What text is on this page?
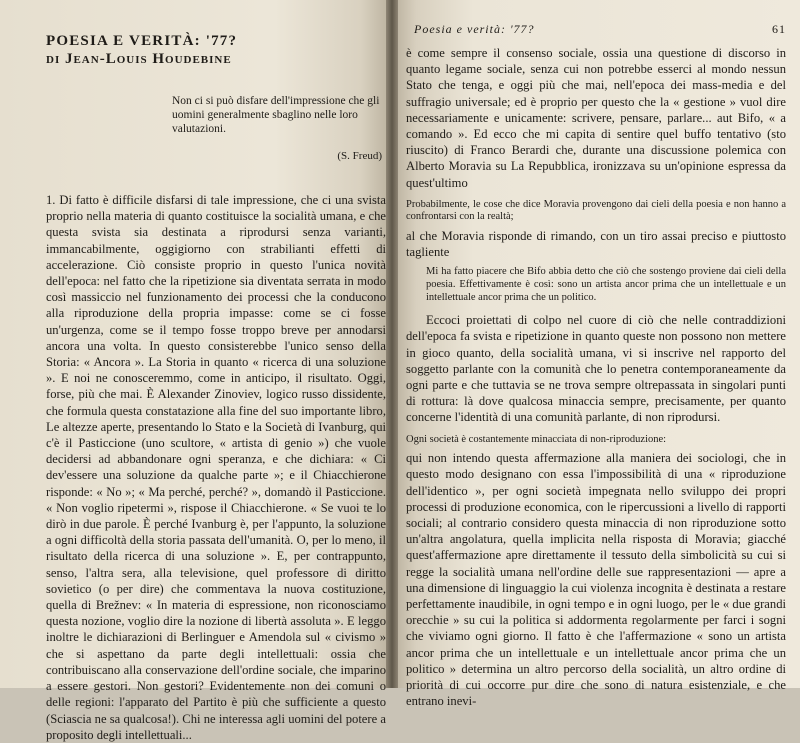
POESIA E VERITÀ: '77?
di Jean-Louis Houdebine
Non ci si può disfare dell'impressione che gli uomini generalmente sbaglino nelle loro valutazioni.
(S. Freud)

1. Di fatto è difficile disfarsi di tale impressione, che ci una svista proprio nella materia di quanto costituisce la socialità umana, e che questa svista sia destinata a riprodursi senza varianti, immancabilmente, oggigiorno con strabilianti effetti di accelerazione. Ciò consiste proprio in questo l'unica novità dell'epoca: nel fatto che la ripetizione sia diventata serrata in modo così massiccio nel funzionamento dei processi che la conducono alla riproduzione della propria impasse: come se ci fosse un'urgenza, come se il tempo fosse troppo breve per annodarsi ancora una volta. In questo consisterebbe l'unico senso della Storia: « Ancora ». La Storia in quanto « ricerca di una soluzione ». E noi ne conosceremmo, come in anticipo, il risultato. Oggi, forse, più che mai. È Alexander Zinoviev, logico russo dissidente, che formula questa constatazione alla fine del suo importante libro, Le altezze aperte, presentando lo Stato e la Società di Ivanburg, qui c'è il Pasticcione (uno scultore, « artista di genio ») che vuole decidersi ad abbandonare ogni speranza, e che dichiara: « Ci dev'essere una soluzione da qualche parte »; e il Chiacchierone risponde: « No »; « Ma perché, perché? », domandò il Pasticcione. « Non voglio ripetermi », rispose il Chiacchierone. « Se vuoi te lo dirò in due parole. È perché Ivanburg è, per l'appunto, la soluzione a ogni difficoltà della storia passata dell'umanità. O, per lo meno, il risultato della ricerca di una soluzione ». E, per contrappunto, senso, l'altra sera, alla televisione, quel professore di diritto sovietico (o per dire) che commentava la nuova costituzione, quella di Brežnev: « In materia di espressione, non riconosciamo questa nozione, voglio dire la nozione di libertà assoluta ». E leggo inoltre le dichiarazioni di Berlinguer e Amendola sul « civismo » che si aspettano da parte degli intellettuali: ossia che contribuiscano alla conservazione dell'ordine sociale, che imparino a essere gestori. Non gestori? Evidentemente non dei comuni o delle regioni: l'apparato del Partito è più che sufficiente a questo (Sciascia ne sa qualcosa!). Chi ne interessa agli uomini del potere a proposito degli intellettuali...

Poesia e verità: '77?	61

è come sempre il consenso sociale, ossia una questione di discorso in quanto legame sociale, senza cui non potrebbe esserci al mondo nessun Stato che tenga, e oggi più che mai, nell'epoca dei mass-media e del suffragio universale; ed è proprio per questo che la « gestione » vuol dire necessariamente e unicamente: scrivere, pensare, parlare... aut Bifo, « a comando ». Ed ecco che mi capita di sentire quel buffo tentativo (sto riuscito) di Franco Berardi che, durante una discussione polemica con Alberto Moravia su La Repubblica, ironizzava su un'opinione espressa da quest'ultimo

Probabilmente, le cose che dice Moravia provengono dai cieli della poesia e non hanno a confrontarsi con la realtà;

al che Moravia risponde di rimando, con un tiro assai preciso e piuttosto tagliente

Mi ha fatto piacere che Bifo abbia detto che ciò che sostengo proviene dai cieli della poesia. Effettivamente è così: sono un artista ancor prima che un intellettuale e un intellettuale ancor prima che un politico.

Eccoci proiettati di colpo nel cuore di ciò che nelle contraddizioni dell'epoca fa svista e ripetizione in quanto queste non possono non mettere in gioco quanto, della socialità umana, vi si inscrive nel rapporto del soggetto parlante con la comunità che lo penetra contemporaneamente da ogni parte e che tuttavia se ne trova sempre oltrepassata in singolari punti di rottura: là dove qualcosa minaccia sempre, precisamente, per quanto concerne l'identità di una comunità parlante, di non riprodursi.

Ogni società è costantemente minacciata di non-riproduzione:

qui non intendo questa affermazione alla maniera dei sociologi, che in questo modo designano con essa l'impossibilità di una « riproduzione dell'identico », per ogni società impegnata nello sviluppo dei propri processi di produzione economica, con le ripercussioni a livello di rapporti sociali; al contrario considero questa minaccia di non riproduzione sotto un'altra angolatura, quella implicita nella risposta di Moravia; giacché quest'affermazione apre direttamente il tessuto della simbolicità su cui si regge la socialità umana nell'ordine delle sue rappresentazioni — apre a una dimensione di linguaggio la cui violenza incognita è destinata a restare perfettamente inaudibile, in ogni tempo e in ogni luogo, per le « due grandi orecchie » su cui la politica si addormenta regolarmente per farci i sogni che viviamo ogni giorno. Il fatto è che l'affermazione « sono un artista ancor prima che un intellettuale e un intellettuale ancor prima che un politico » determina un altro percorso della socialità, un altro ordine di priorità di cui occorre pur dire che sono di natura esistenziale, e che entrano inevi-
